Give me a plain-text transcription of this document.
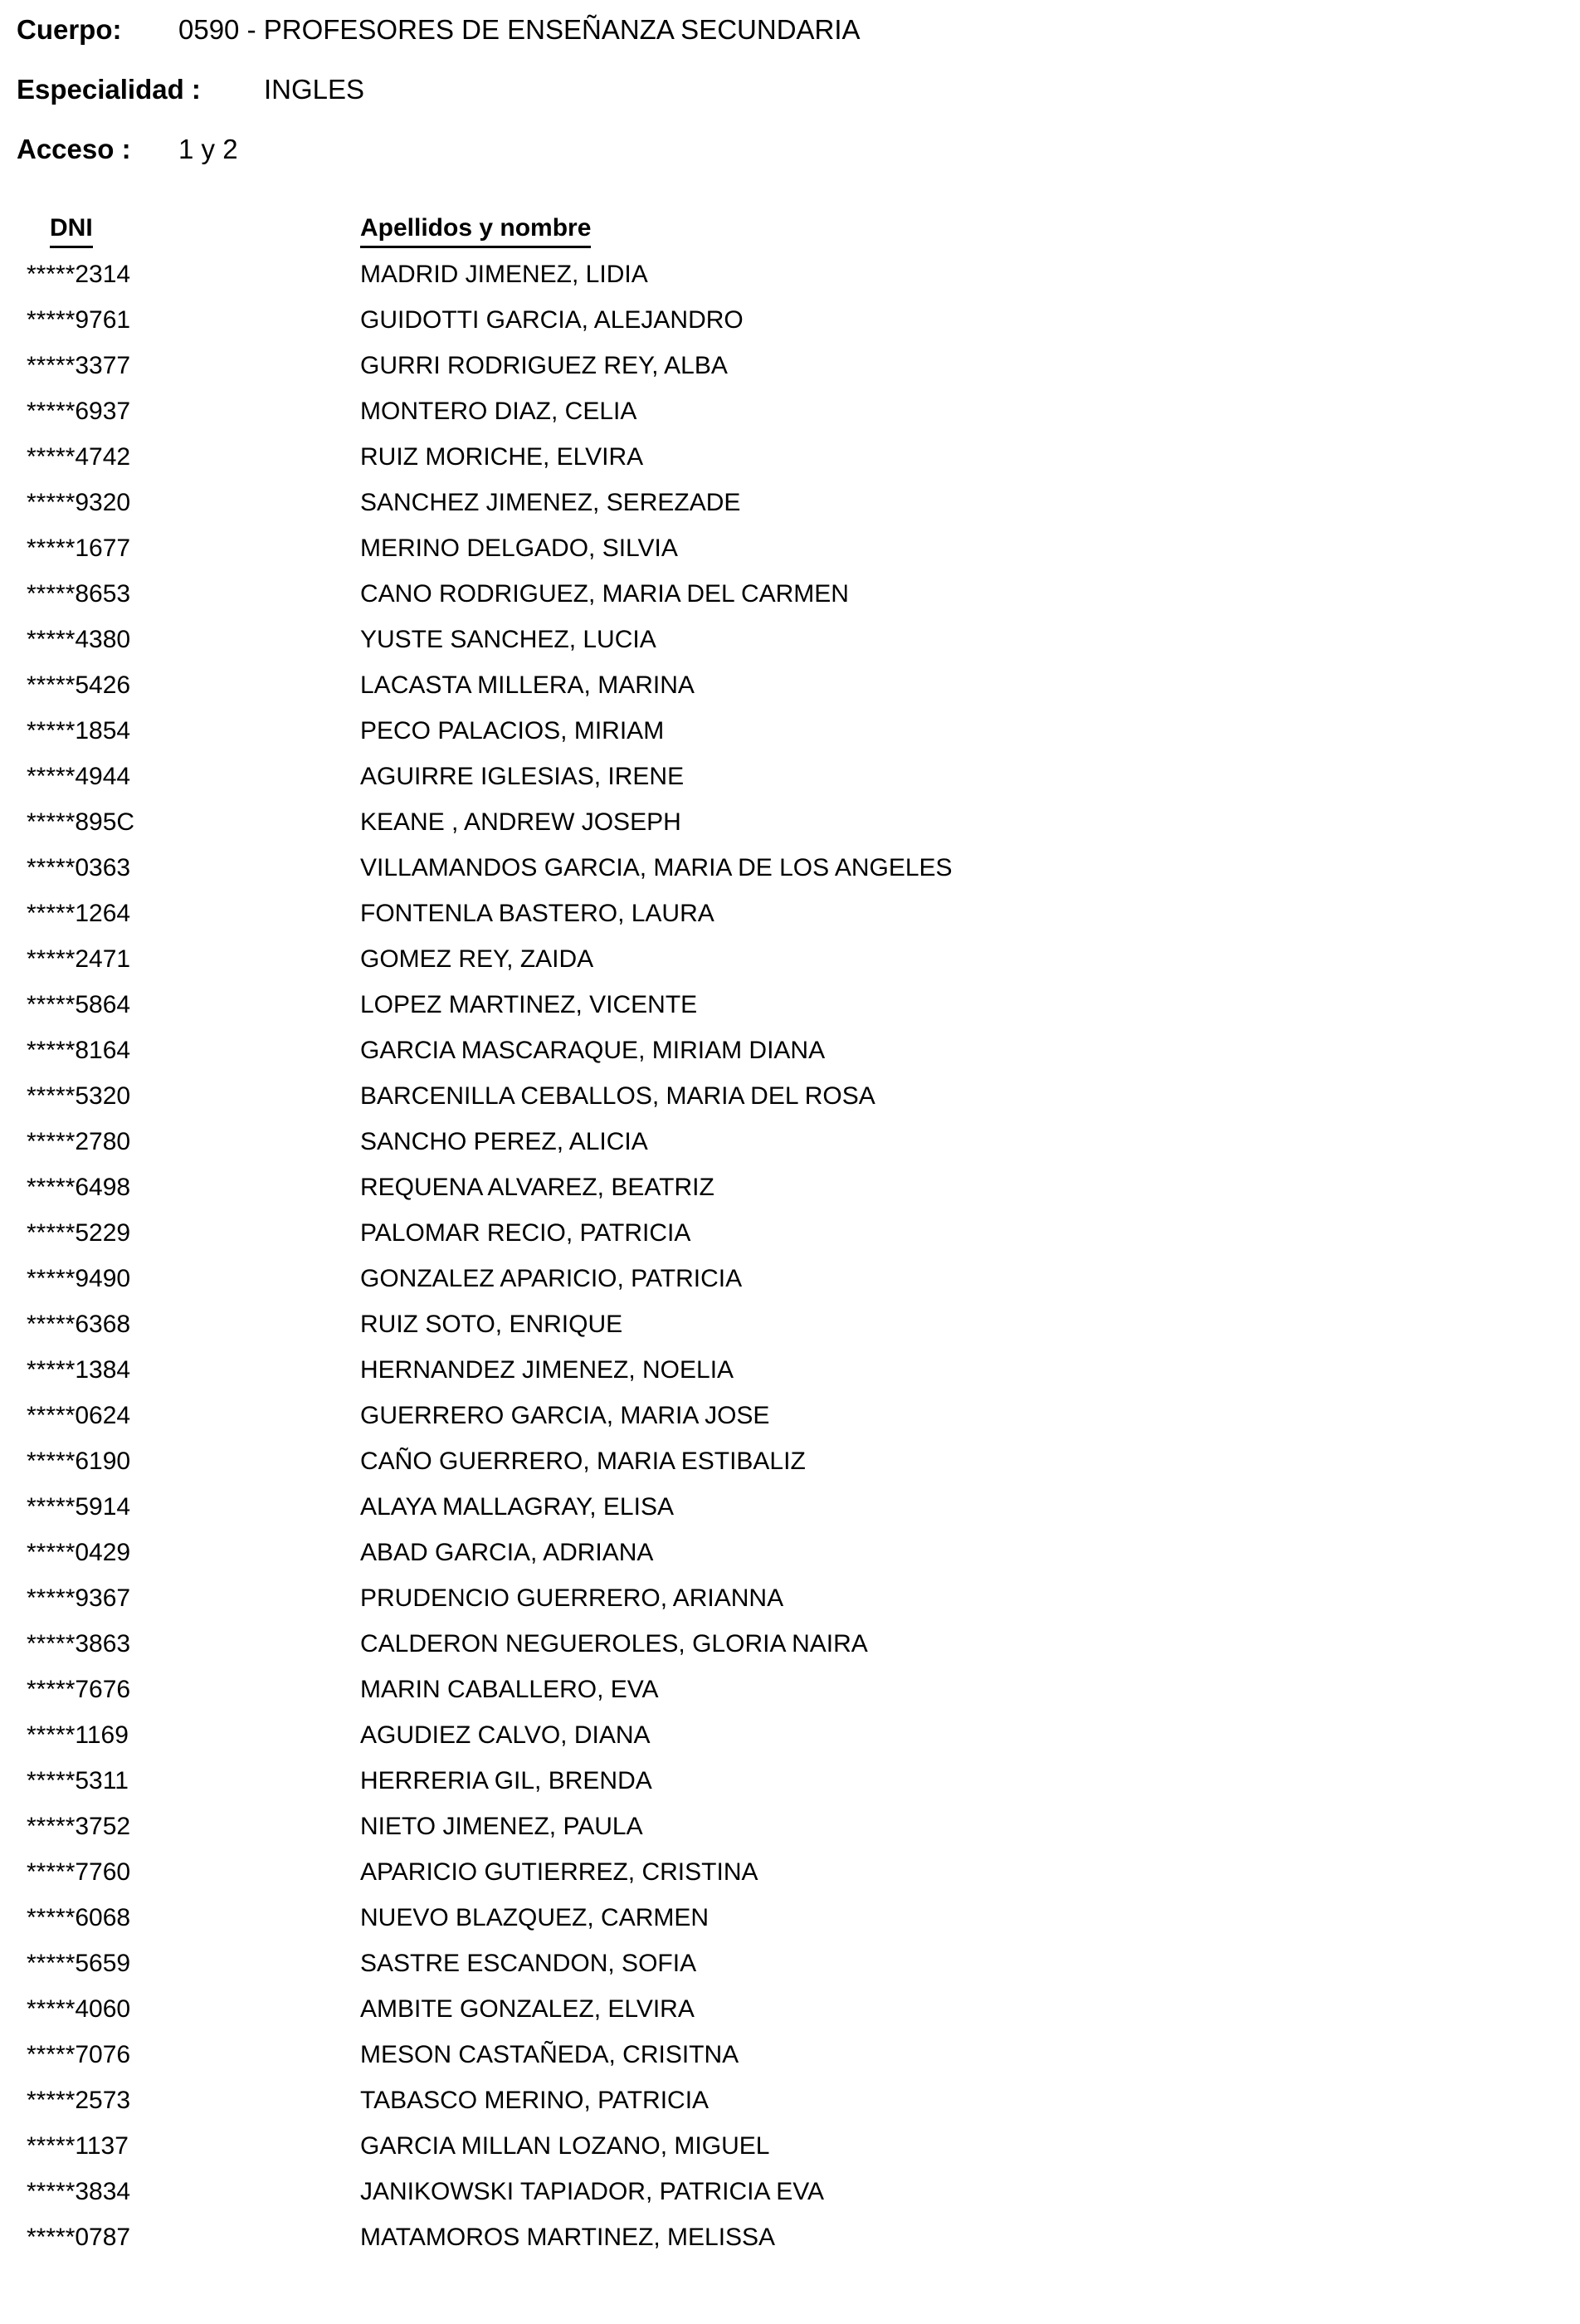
Cuerpo: 0590 - PROFESORES DE ENSEÑANZA SECUNDARIA
Especialidad : INGLES
Acceso : 1 y 2
DNI	Apellidos y nombre
*****2314	MADRID JIMENEZ, LIDIA
*****9761	GUIDOTTI GARCIA, ALEJANDRO
*****3377	GURRI RODRIGUEZ REY, ALBA
*****6937	MONTERO DIAZ, CELIA
*****4742	RUIZ MORICHE, ELVIRA
*****9320	SANCHEZ JIMENEZ, SEREZADE
*****1677	MERINO DELGADO, SILVIA
*****8653	CANO RODRIGUEZ, MARIA DEL CARMEN
*****4380	YUSTE SANCHEZ, LUCIA
*****5426	LACASTA MILLERA, MARINA
*****1854	PECO PALACIOS, MIRIAM
*****4944	AGUIRRE IGLESIAS, IRENE
*****895C	KEANE , ANDREW JOSEPH
*****0363	VILLAMANDOS GARCIA, MARIA DE LOS ANGELES
*****1264	FONTENLA BASTERO, LAURA
*****2471	GOMEZ REY, ZAIDA
*****5864	LOPEZ MARTINEZ, VICENTE
*****8164	GARCIA MASCARAQUE, MIRIAM DIANA
*****5320	BARCENILLA CEBALLOS, MARIA DEL ROSA
*****2780	SANCHO PEREZ, ALICIA
*****6498	REQUENA ALVAREZ, BEATRIZ
*****5229	PALOMAR RECIO, PATRICIA
*****9490	GONZALEZ APARICIO, PATRICIA
*****6368	RUIZ SOTO, ENRIQUE
*****1384	HERNANDEZ JIMENEZ, NOELIA
*****0624	GUERRERO GARCIA, MARIA JOSE
*****6190	CAÑO GUERRERO, MARIA ESTIBALIZ
*****5914	ALAYA MALLAGRAY, ELISA
*****0429	ABAD GARCIA, ADRIANA
*****9367	PRUDENCIO GUERRERO, ARIANNA
*****3863	CALDERON NEGUEROLES, GLORIA NAIRA
*****7676	MARIN CABALLERO, EVA
*****1169	AGUDIEZ CALVO, DIANA
*****5311	HERRERIA GIL, BRENDA
*****3752	NIETO JIMENEZ, PAULA
*****7760	APARICIO GUTIERREZ, CRISTINA
*****6068	NUEVO BLAZQUEZ, CARMEN
*****5659	SASTRE ESCANDON, SOFIA
*****4060	AMBITE GONZALEZ, ELVIRA
*****7076	MESON CASTAÑEDA, CRISITNA
*****2573	TABASCO MERINO, PATRICIA
*****1137	GARCIA MILLAN LOZANO, MIGUEL
*****3834	JANIKOWSKI TAPIADOR, PATRICIA EVA
*****0787	MATAMOROS MARTINEZ, MELISSA
